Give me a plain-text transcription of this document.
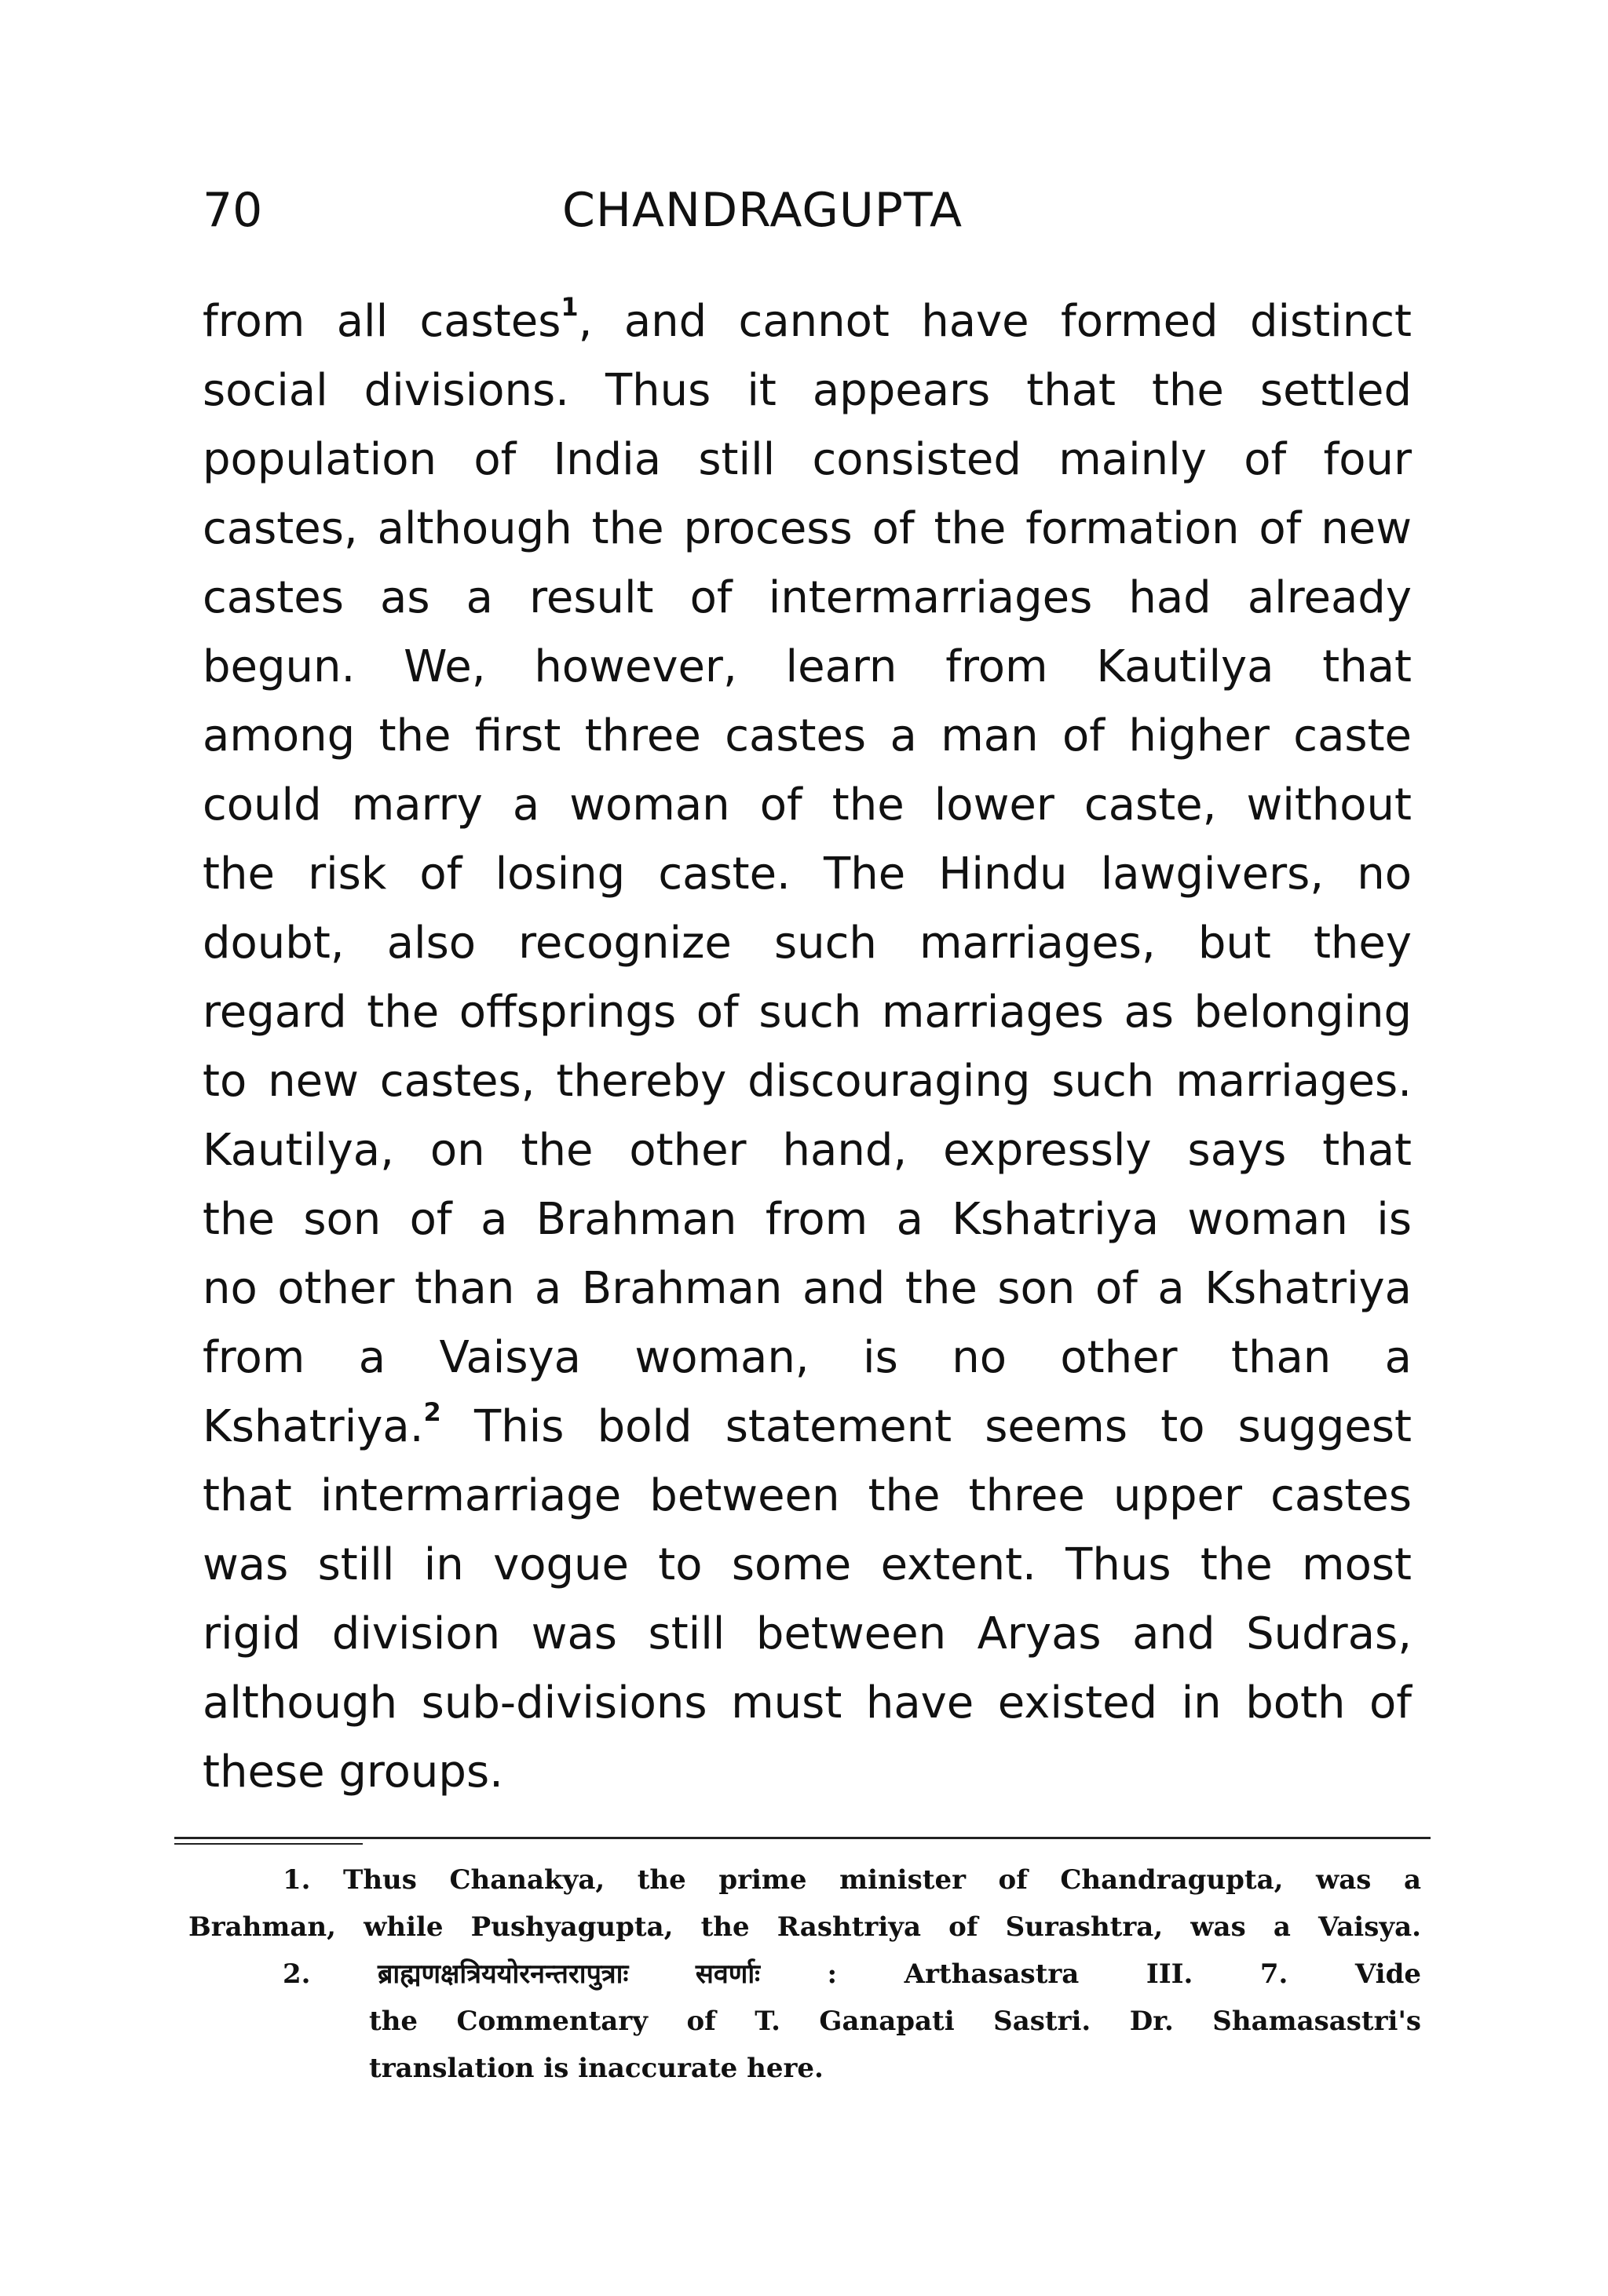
70	CHANDRAGUPTA
from all castes$^1$, and cannot have formed distinct
social divisions. Thus it appears that the settled
population of India still consisted mainly of four
castes, although the process of the formation of new
castes as a result of intermarriages had already
begun. We, however, learn from Kautilya that
among the first three castes a man of higher caste
could marry a woman of the lower caste, without
the risk of losing caste. The Hindu lawgivers, no
doubt, also recognize such marriages, but they
regard the offsprings of such marriages as belonging
to new castes, thereby discouraging such marriages.
Kautilya, on the other hand, expressly says that
the son of a Brahman from a Kshatriya woman is
no other than a Brahman and the son of a Kshatriya
from a Vaisya woman, is no other than a
Kshatriya.$^2$ This bold statement seems to suggest
that intermarriage between the three upper castes
was still in vogue to some extent. Thus the most
rigid division was still between Aryas and Sudras,
although sub-divisions must have existed in both of
these groups.
1. Thus Chanakya, the prime minister of Chandragupta, was a
Brahman, while Pushyagupta, the Rashtriya of Surashtra, was a Vaisya.
2. ब्राह्मणक्षत्रिययोरनन्तरापुत्राः सवर्णाः : Arthasastra III. 7. Vide
the Commentary of T. Ganapati Sastri. Dr. Shamasastri's
translation is inaccurate here.
